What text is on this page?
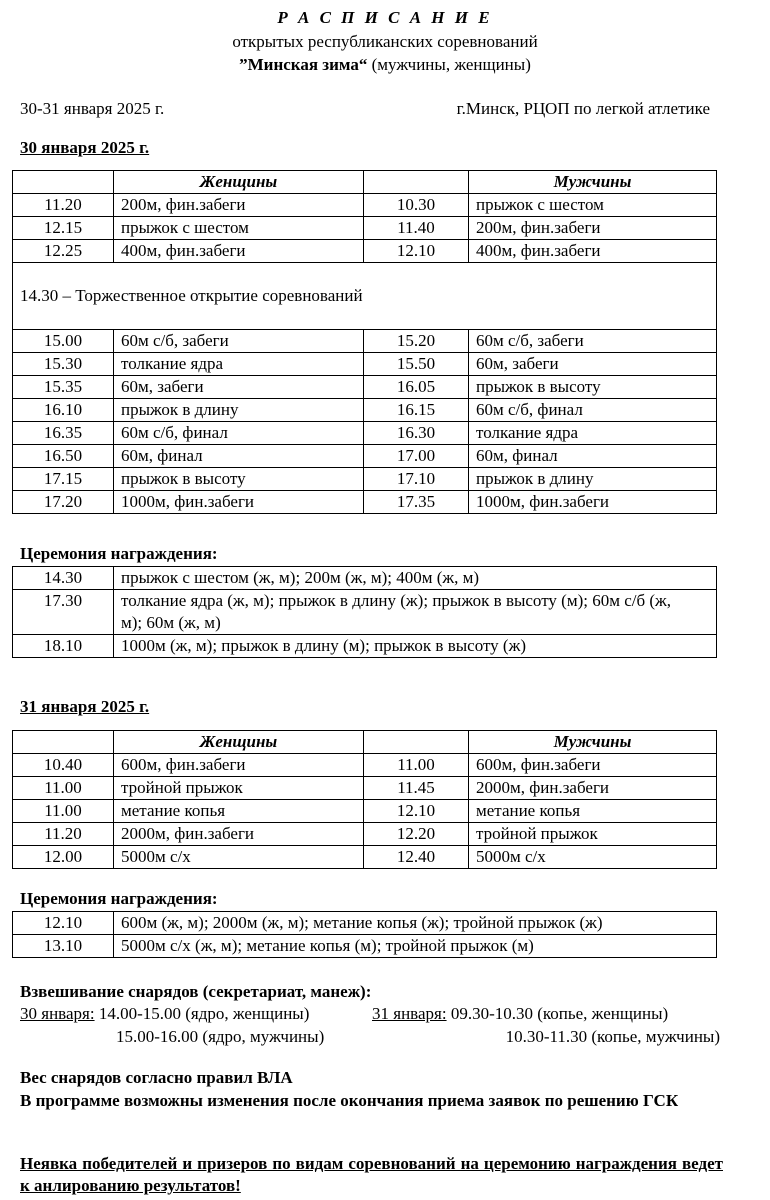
Р А С П И С А Н И Е
открытых республиканских соревнований
”Минская зима“ (мужчины, женщины)
30-31 января 2025 г.	г.Минск, РЦОП по легкой атлетике
30 января 2025 г.
	Женщины		Мужчины
11.20	200м, фин.забеги	10.30	прыжок с шестом
12.15	прыжок с шестом	11.40	200м, фин.забеги
12.25	400м, фин.забеги	12.10	400м, фин.забеги
14.30 – Торжественное открытие соревнований			
15.00	60м с/б, забеги	15.20	60м с/б, забеги
15.30	толкание ядра	15.50	60м, забеги
15.35	60м, забеги	16.05	прыжок в высоту
16.10	прыжок в длину	16.15	60м с/б, финал
16.35	60м с/б, финал	16.30	толкание ядра
16.50	60м, финал	17.00	60м, финал
17.15	прыжок в высоту	17.10	прыжок в длину
17.20	1000м, фин.забеги	17.35	1000м, фин.забеги
Церемония награждения:
14.30	прыжок с шестом (ж, м); 200м (ж, м); 400м (ж, м)
17.30	толкание ядра (ж, м); прыжок в длину (ж); прыжок в высоту (м); 60м с/б (ж, м); 60м (ж, м)
18.10	1000м (ж, м); прыжок в длину (м); прыжок в высоту (ж)
31 января 2025 г.
	Женщины		Мужчины
10.40	600м, фин.забеги	11.00	600м, фин.забеги
11.00	тройной прыжок	11.45	2000м, фин.забеги
11.00	метание копья	12.10	метание копья
11.20	2000м, фин.забеги	12.20	тройной прыжок
12.00	5000м с/х	12.40	5000м с/х
Церемония награждения:
12.10	600м (ж, м); 2000м (ж, м); метание копья (ж); тройной прыжок (ж)
13.10	5000м с/х (ж, м); метание копья (м); тройной прыжок (м)
Взвешивание снарядов (секретариат, манеж):
30 января: 14.00-15.00 (ядро, женщины)
15.00-16.00 (ядро, мужчины)
31 января: 09.30-10.30 (копье, женщины)
10.30-11.30 (копье, мужчины)
Вес снарядов согласно правил ВЛА
В программе возможны изменения после окончания приема заявок по решению ГСК
Неявка победителей и призеров по видам соревнований на церемонию награждения ведет к анлированию результатов!
